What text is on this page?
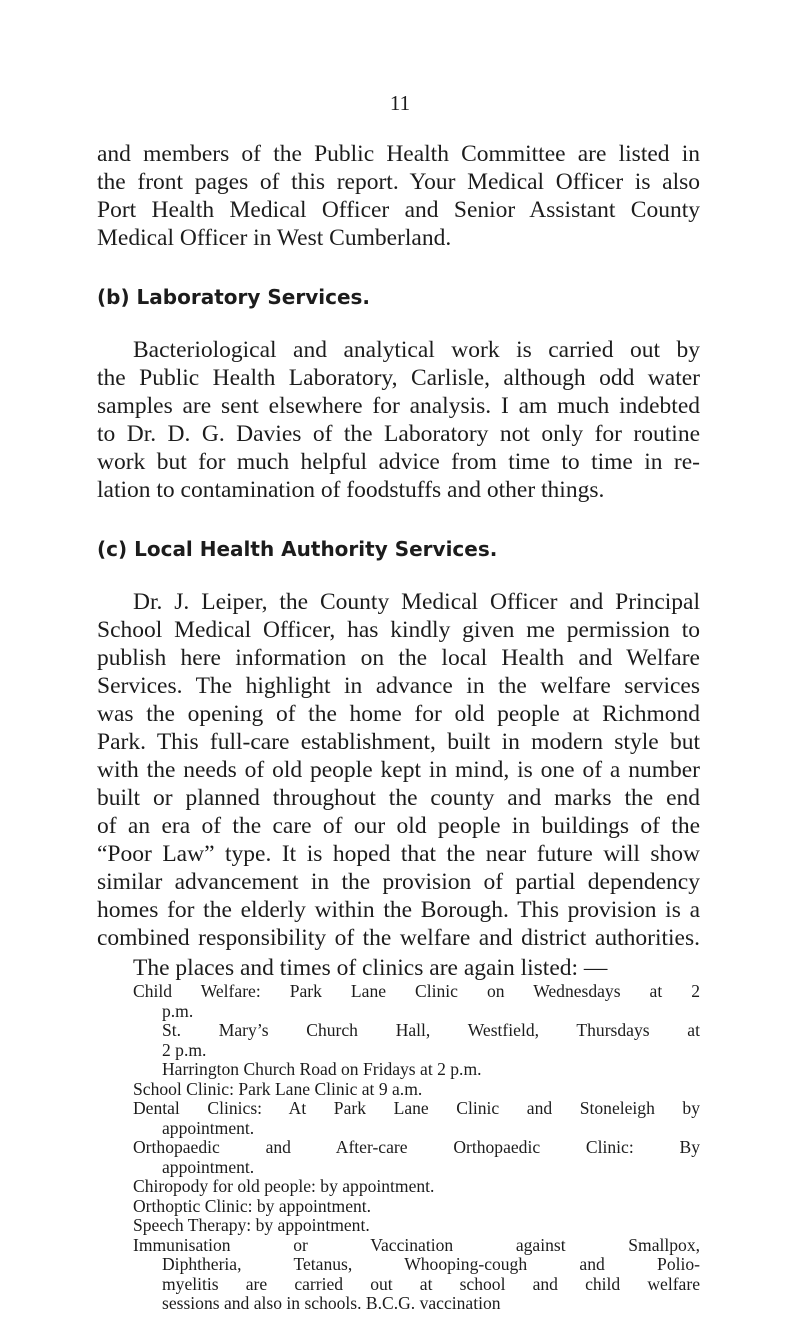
11
and members of the Public Health Committee are listed in
the front pages of this report. Your Medical Officer is also
Port Health Medical Officer and Senior Assistant County
Medical Officer in West Cumberland.
(b) Laboratory Services.
Bacteriological and analytical work is carried out by
the Public Health Laboratory, Carlisle, although odd water
samples are sent elsewhere for analysis. I am much indebted
to Dr. D. G. Davies of the Laboratory not only for routine
work but for much helpful advice from time to time in re-
lation to contamination of foodstuffs and other things.
(c) Local Health Authority Services.
Dr. J. Leiper, the County Medical Officer and Principal
School Medical Officer, has kindly given me permission to
publish here information on the local Health and Welfare
Services. The highlight in advance in the welfare services
was the opening of the home for old people at Richmond
Park. This full-care establishment, built in modern style but
with the needs of old people kept in mind, is one of a number
built or planned throughout the county and marks the end
of an era of the care of our old people in buildings of the
“Poor Law” type. It is hoped that the near future will show
similar advancement in the provision of partial dependency
homes for the elderly within the Borough. This provision is a
combined responsibility of the welfare and district authorities.
The places and times of clinics are again listed: —
Child Welfare: Park Lane Clinic on Wednesdays at 2
p.m.
St. Mary’s Church Hall, Westfield, Thursdays at
2 p.m.
Harrington Church Road on Fridays at 2 p.m.
School Clinic: Park Lane Clinic at 9 a.m.
Dental Clinics: At Park Lane Clinic and Stoneleigh by
appointment.
Orthopaedic and After-care Orthopaedic Clinic: By
appointment.
Chiropody for old people: by appointment.
Orthoptic Clinic: by appointment.
Speech Therapy: by appointment.
Immunisation or Vaccination against Smallpox,
Diphtheria, Tetanus, Whooping-cough and Polio-
myelitis are carried out at school and child welfare
sessions and also in schools. B.C.G. vaccination
